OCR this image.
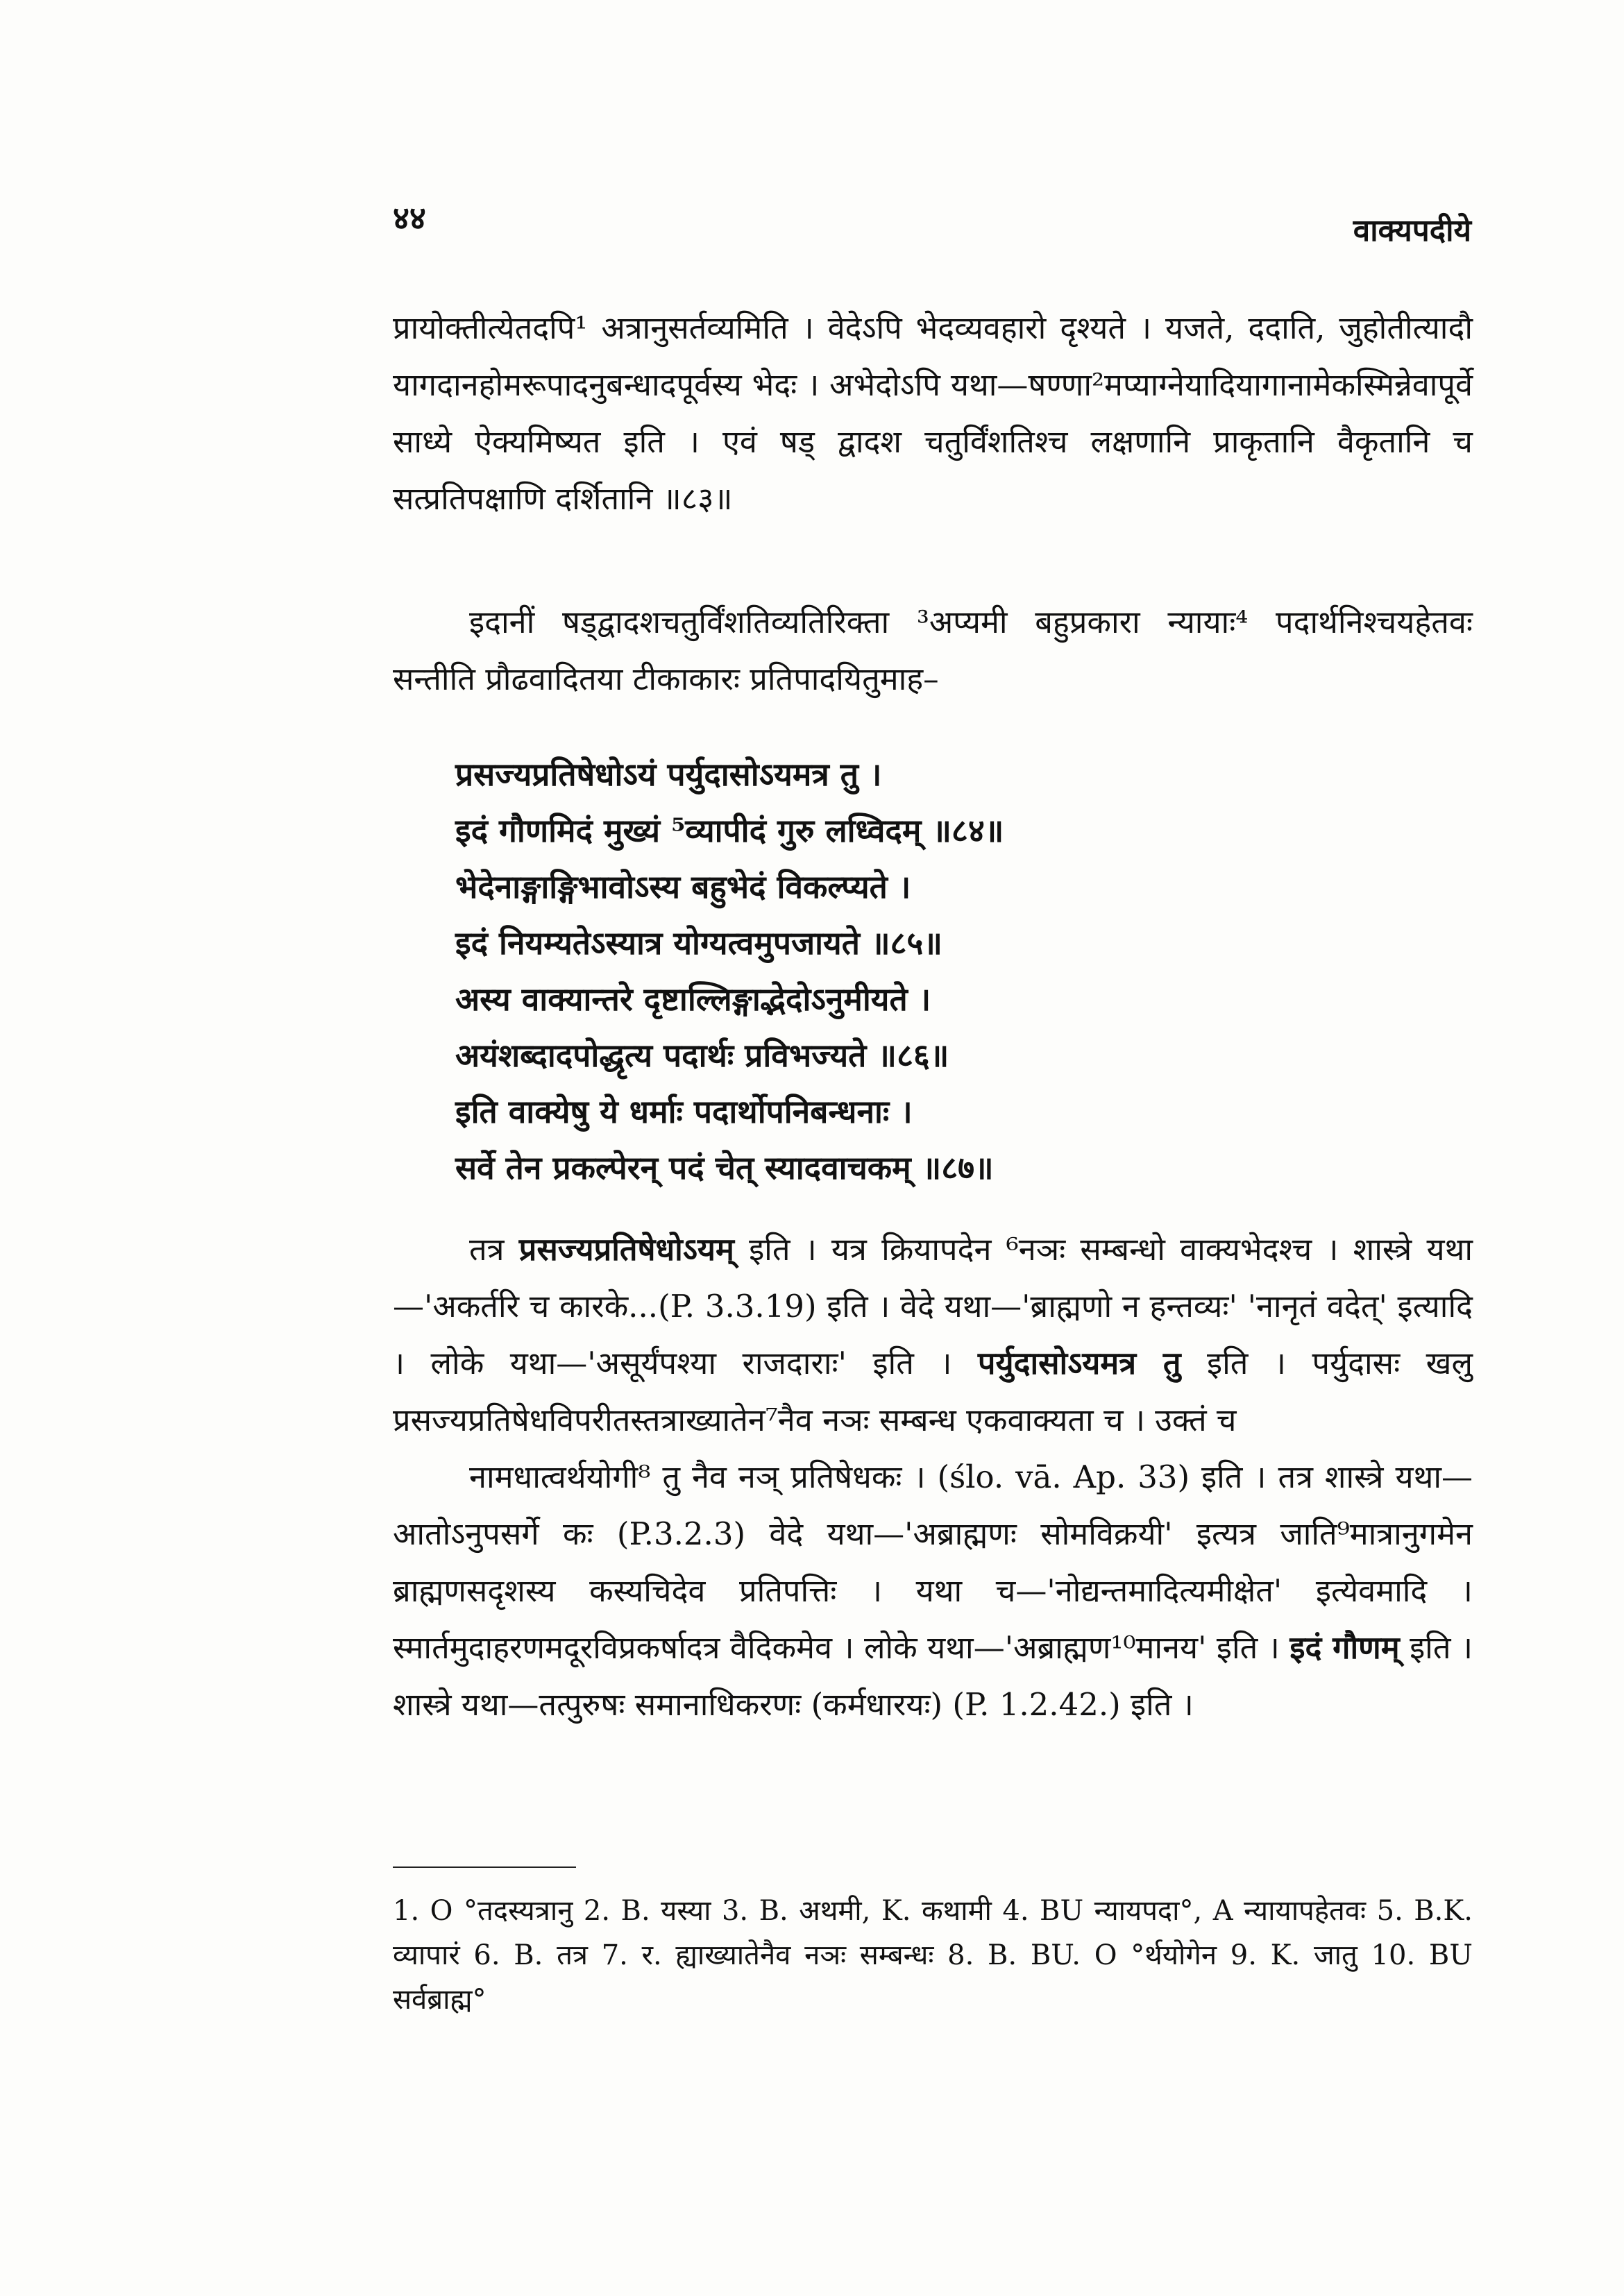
४४	वाक्यपदीये

प्रायोक्तीत्येतदपि¹ अत्रानुसर्तव्यमिति । वेदेऽपि भेदव्यवहारो दृश्यते । यजते, ददाति, जुहोतीत्यादौ यागदानहोमरूपादनुबन्धादपूर्वस्य भेदः । अभेदोऽपि यथा—षण्णा²मप्याग्नेयादियागानामेकस्मिन्नेवापूर्वे साध्ये ऐक्यमिष्यत इति । एवं षड् द्वादश चतुर्विंशतिश्च लक्षणानि प्राकृतानि वैकृतानि च सत्प्रतिपक्षाणि दर्शितानि ॥८३॥

इदानीं षड्द्वादशचतुर्विंशतिव्यतिरिक्ता ³अप्यमी बहुप्रकारा न्यायाः⁴ पदार्थनिश्चयहेतवः सन्तीति प्रौढवादितया टीकाकारः प्रतिपादयितुमाह–

प्रसज्यप्रतिषेधोऽयं पर्युदासोऽयमत्र तु ।
इदं गौणमिदं मुख्यं ⁵व्यापीदं गुरु लध्विदम् ॥८४॥
भेदेनाङ्गाङ्गिभावोऽस्य बहुभेदं विकल्प्यते ।
इदं नियम्यतेऽस्यात्र योग्यत्वमुपजायते ॥८५॥
अस्य वाक्यान्तरे दृष्टाल्लिङ्गाद्भेदोऽनुमीयते ।
अयंशब्दादपोद्धृत्य पदार्थः प्रविभज्यते ॥८६॥
इति वाक्येषु ये धर्माः पदार्थोपनिबन्धनाः ।
सर्वे तेन प्रकल्पेरन् पदं चेत् स्यादवाचकम् ॥८७॥

तत्र प्रसज्यप्रतिषेधोऽयम् इति । यत्र क्रियापदेन ⁶नञः सम्बन्धो वाक्यभेदश्च । शास्त्रे यथा—'अकर्तरि च कारके...(P. 3.3.19) इति । वेदे यथा—'ब्राह्मणो न हन्तव्यः' 'नानृतं वदेत्' इत्यादि । लोके यथा—'असूर्यंपश्या राजदाराः' इति । पर्युदासोऽयमत्र तु इति । पर्युदासः खलु प्रसज्यप्रतिषेधविपरीतस्तत्राख्यातेन⁷नैव नञः सम्बन्ध एकवाक्यता च । उक्तं च

नामधात्वर्थयोगी⁸ तु नैव नञ् प्रतिषेधकः । (ślo. vā. Ap. 33) इति । तत्र शास्त्रे यथा—आतोऽनुपसर्गे कः (P.3.2.3) वेदे यथा—'अब्राह्मणः सोमविक्रयी' इत्यत्र जाति⁹मात्रानुगमेन ब्राह्मणसदृशस्य कस्यचिदेव प्रतिपत्तिः । यथा च—'नोद्यन्तमादित्यमीक्षेत' इत्येवमादि । स्मार्तमुदाहरणमदूरविप्रकर्षादत्र वैदिकमेव । लोके यथा—'अब्राह्मण¹⁰मानय' इति । इदं गौणम् इति । शास्त्रे यथा—तत्पुरुषः समानाधिकरणः (कर्मधारयः) (P. 1.2.42.) इति ।

1. O °तदस्यत्रानु 2. B. यस्या 3. B. अथमी, K. कथामी 4. BU न्यायपदा°, A न्यायापहेतवः 5. B.K. व्यापारं 6. B. तत्र 7. र. ह्याख्यातेनैव नञः सम्बन्धः 8. B. BU. O °र्थयोगेन 9. K. जातु 10. BU सर्वब्राह्म°
